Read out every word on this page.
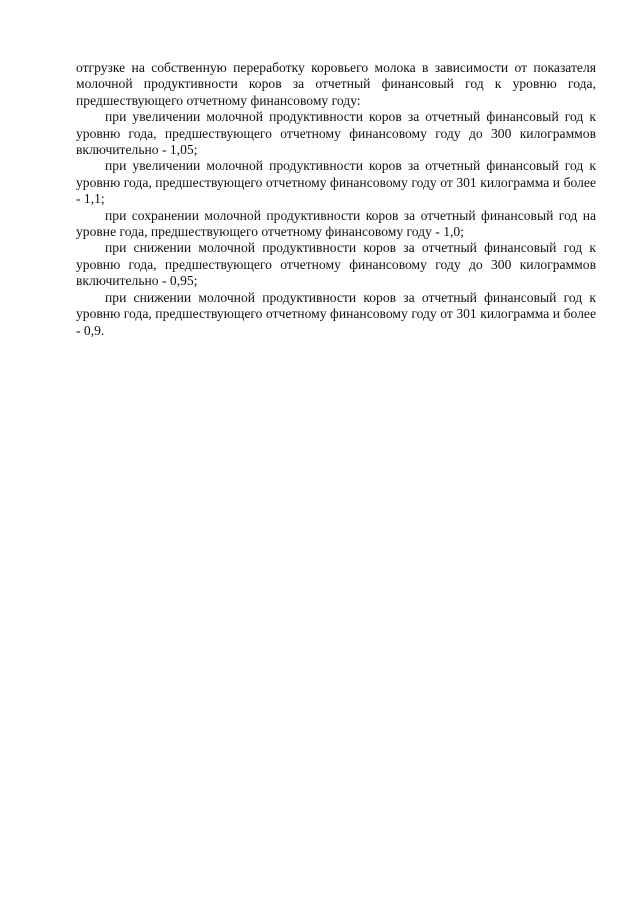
отгрузке на собственную переработку коровьего молока в зависимости от показателя молочной продуктивности коров за отчетный финансовый год к уровню года, предшествующего отчетному финансовому году:

при увеличении молочной продуктивности коров за отчетный финансовый год к уровню года, предшествующего отчетному финансовому году до 300 килограммов включительно - 1,05;

при увеличении молочной продуктивности коров за отчетный финансовый год к уровню года, предшествующего отчетному финансовому году от 301 килограмма и более - 1,1;

при сохранении молочной продуктивности коров за отчетный финансовый год на уровне года, предшествующего отчетному финансовому году - 1,0;

при снижении молочной продуктивности коров за отчетный финансовый год к уровню года, предшествующего отчетному финансовому году до 300 килограммов включительно - 0,95;

при снижении молочной продуктивности коров за отчетный финансовый год к уровню года, предшествующего отчетному финансовому году от 301 килограмма и более - 0,9.
